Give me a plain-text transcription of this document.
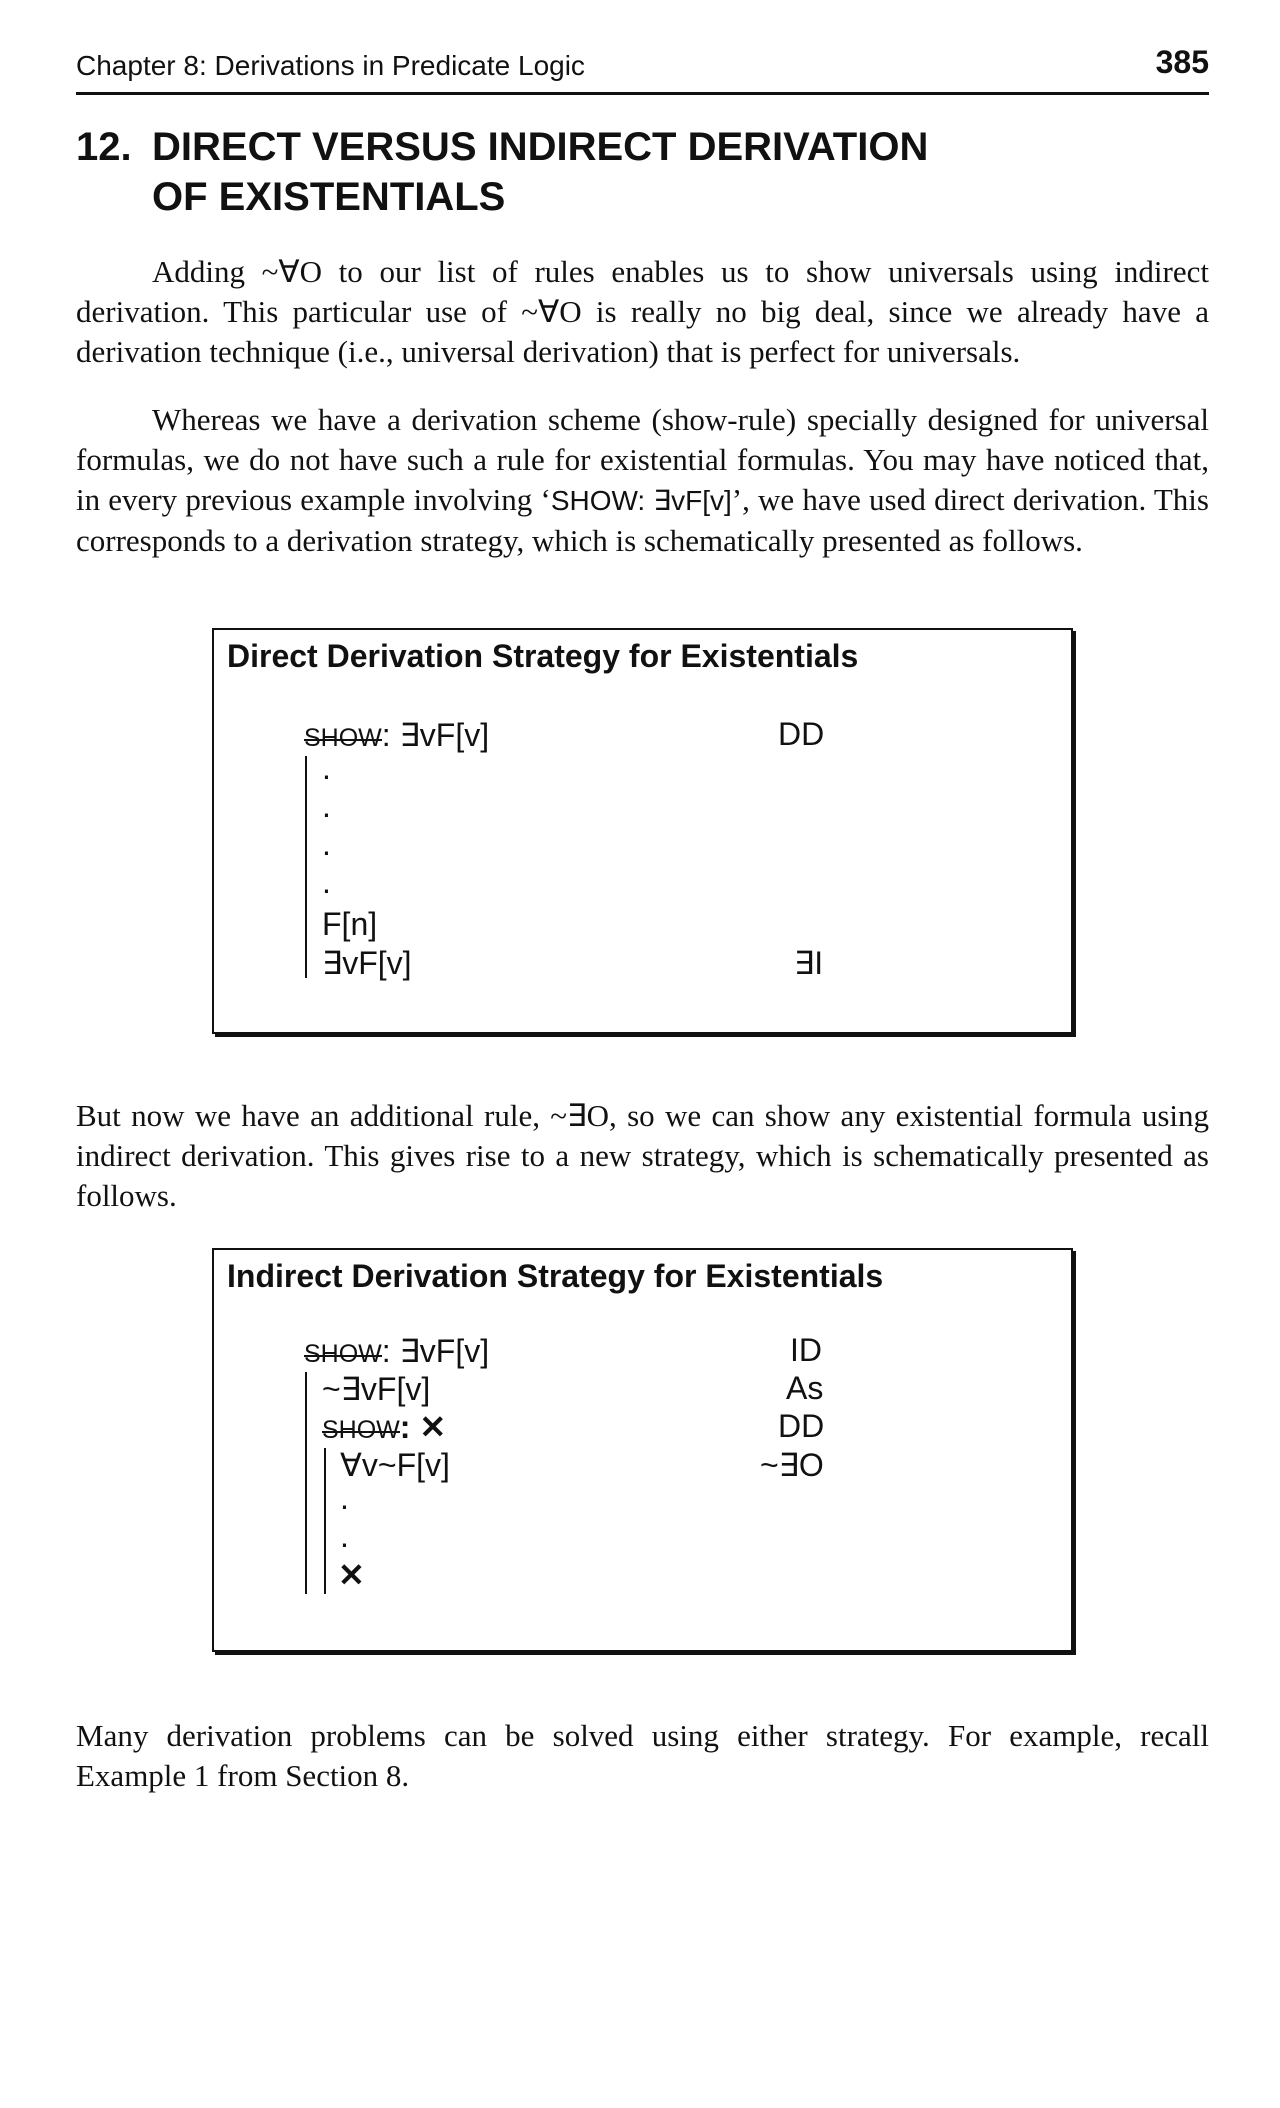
Chapter 8: Derivations in Predicate Logic	385
12. DIRECT VERSUS INDIRECT DERIVATION
OF EXISTENTIALS

Adding ~∀O to our list of rules enables us to show universals using indirect derivation. This particular use of ~∀O is really no big deal, since we already have a derivation technique (i.e., universal derivation) that is perfect for universals.

Whereas we have a derivation scheme (show-rule) specially designed for universal formulas, we do not have such a rule for existential formulas. You may have noticed that, in every previous example involving ‘SHOW: ∃vF[v]’, we have used direct derivation. This corresponds to a derivation strategy, which is schematically presented as follows.

Direct Derivation Strategy for Existentials
SHOW: ∃vF[v]	DD
.
.
.
.
F[n]
∃vF[v]	∃I

But now we have an additional rule, ~∃O, so we can show any existential formula using indirect derivation. This gives rise to a new strategy, which is schematically presented as follows.

Indirect Derivation Strategy for Existentials
SHOW: ∃vF[v]	ID
~∃vF[v]	As
SHOW: ✕	DD
∀v~F[v]	~∃O
.
.
✕

Many derivation problems can be solved using either strategy. For example, recall Example 1 from Section 8.
